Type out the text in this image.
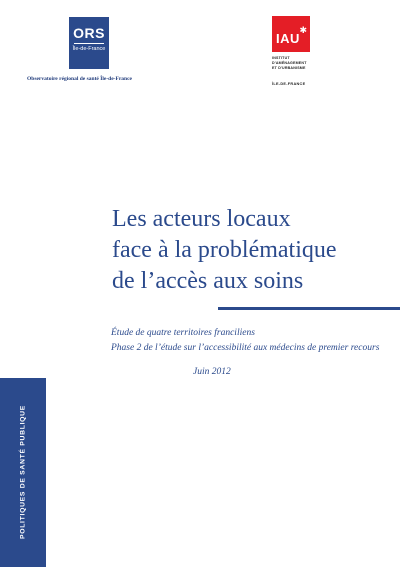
ORS
Île-de-France
Observatoire régional de santé Île-de-France
IAU
✱
INSTITUT
D'AMÉNAGEMENT
ET D'URBANISME
ÎLE-DE-FRANCE
Les acteurs locaux
face à la problématique
de l’accès aux soins
Étude de quatre territoires franciliens
Phase 2 de l’étude sur l’accessibilité aux médecins de premier recours
Juin 2012
POLITIQUES DE SANTÉ PUBLIQUE
